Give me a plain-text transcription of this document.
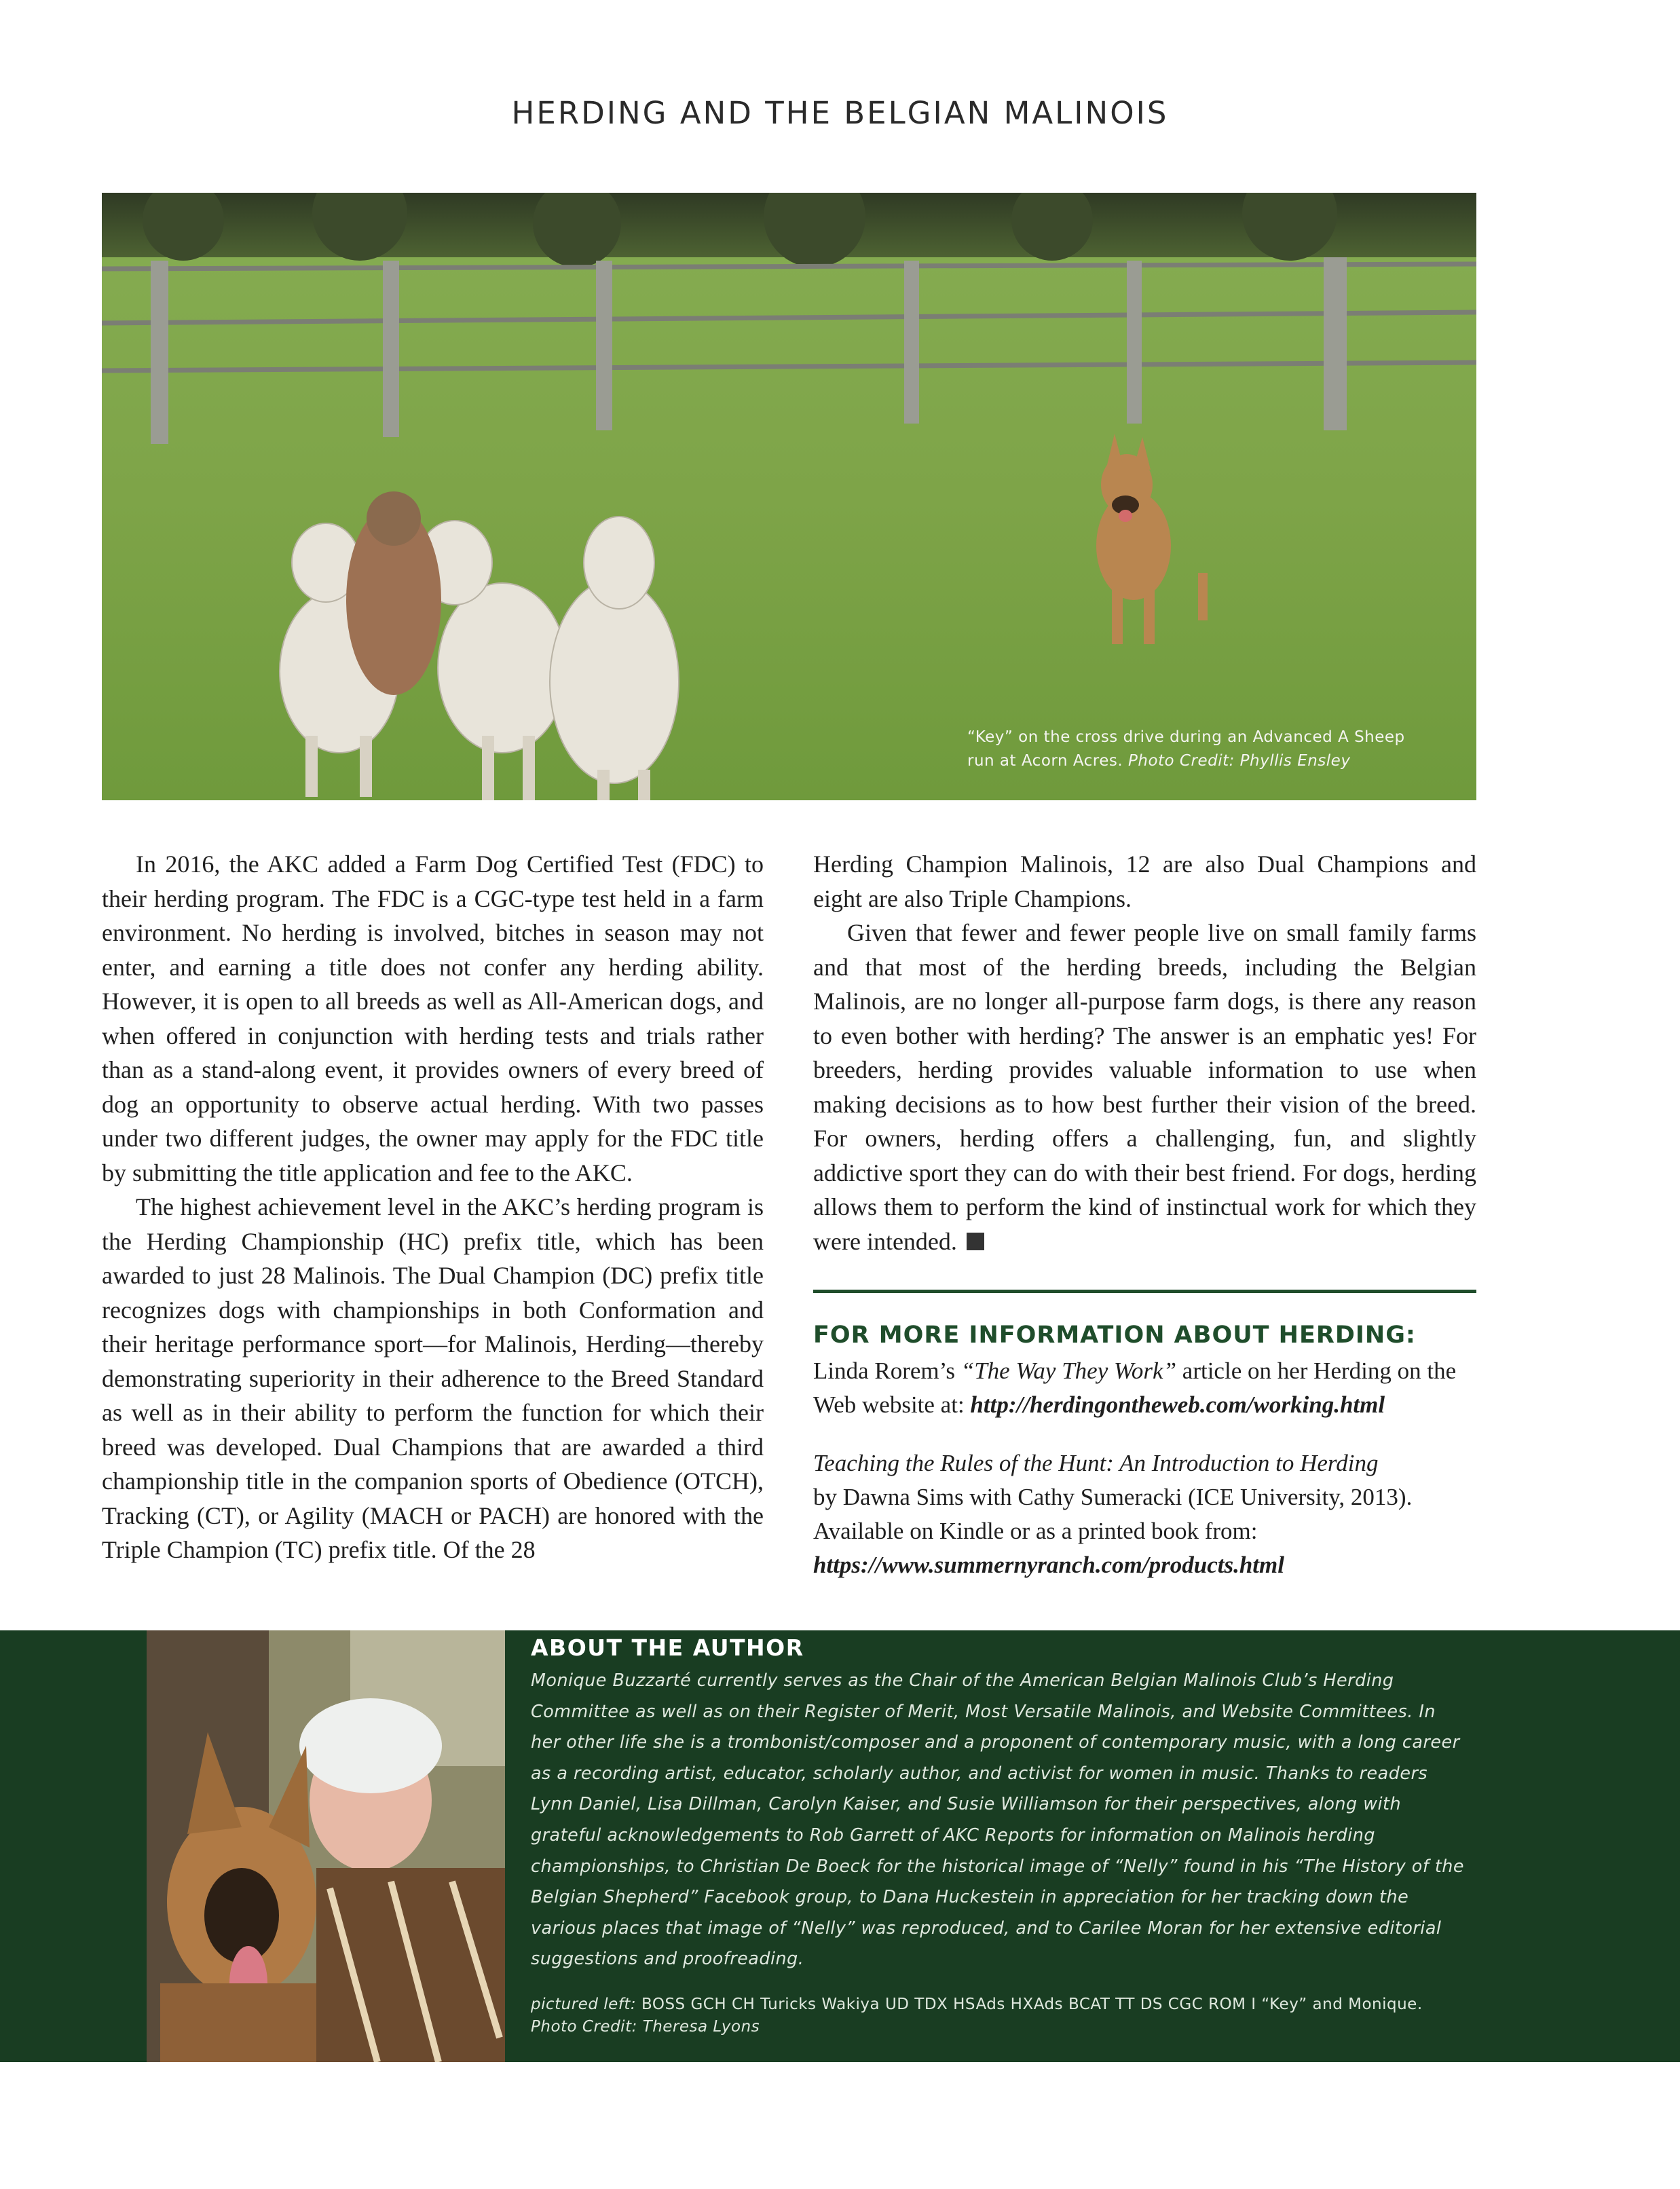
HERDING AND THE BELGIAN MALINOIS
“Key” on the cross drive during an Advanced A Sheep run at Acorn Acres. Photo Credit: Phyllis Ensley

In 2016, the AKC added a Farm Dog Certified Test (FDC) to their herding program. The FDC is a CGC-type test held in a farm environment. No herding is involved, bitches in season may not enter, and earning a title does not confer any herding ability. However, it is open to all breeds as well as All-American dogs, and when offered in conjunction with herding tests and trials rather than as a stand-along event, it provides owners of every breed of dog an opportunity to observe actual herding. With two passes under two different judges, the owner may apply for the FDC title by submitting the title application and fee to the AKC.

The highest achievement level in the AKC’s herding program is the Herding Championship (HC) prefix title, which has been awarded to just 28 Malinois. The Dual Champion (DC) prefix title recognizes dogs with championships in both Conformation and their heritage performance sport—for Malinois, Herding—thereby demonstrating superiority in their adherence to the Breed Standard as well as in their ability to perform the function for which their breed was developed. Dual Champions that are awarded a third championship title in the companion sports of Obedience (OTCH), Tracking (CT), or Agility (MACH or PACH) are honored with the Triple Champion (TC) prefix title. Of the 28

Herding Champion Malinois, 12 are also Dual Champions and eight are also Triple Champions.

Given that fewer and fewer people live on small family farms and that most of the herding breeds, including the Belgian Malinois, are no longer all-purpose farm dogs, is there any reason to even bother with herding? The answer is an emphatic yes! For breeders, herding provides valuable information to use when making decisions as to how best further their vision of the breed. For owners, herding offers a challenging, fun, and slightly addictive sport they can do with their best friend. For dogs, herding allows them to perform the kind of instinctual work for which they were intended.

FOR MORE INFORMATION ABOUT HERDING:
Linda Rorem’s “The Way They Work” article on her Herding on the Web website at: http://herdingontheweb.com/working.html
Teaching the Rules of the Hunt: An Introduction to Herding
by Dawna Sims with Cathy Sumeracki (ICE University, 2013).
Available on Kindle or as a printed book from:
https://www.summernyranch.com/products.html
ABOUT THE AUTHOR
Monique Buzzarté currently serves as the Chair of the American Belgian Malinois Club’s Herding Committee as well as on their Register of Merit, Most Versatile Malinois, and Website Committees. In her other life she is a trombonist/composer and a proponent of contemporary music, with a long career as a recording artist, educator, scholarly author, and activist for women in music. Thanks to readers Lynn Daniel, Lisa Dillman, Carolyn Kaiser, and Susie Williamson for their perspectives, along with grateful acknowledgements to Rob Garrett of AKC Reports for information on Malinois herding championships, to Christian De Boeck for the historical image of “Nelly” found in his “The History of the Belgian Shepherd” Facebook group, to Dana Huckestein in appreciation for her tracking down the various places that image of “Nelly” was reproduced, and to Carilee Moran for her extensive editorial suggestions and proofreading.
pictured left: BOSS GCH CH Turicks Wakiya UD TDX HSAds HXAds BCAT TT DS CGC ROM I “Key” and Monique. Photo Credit: Theresa Lyons
